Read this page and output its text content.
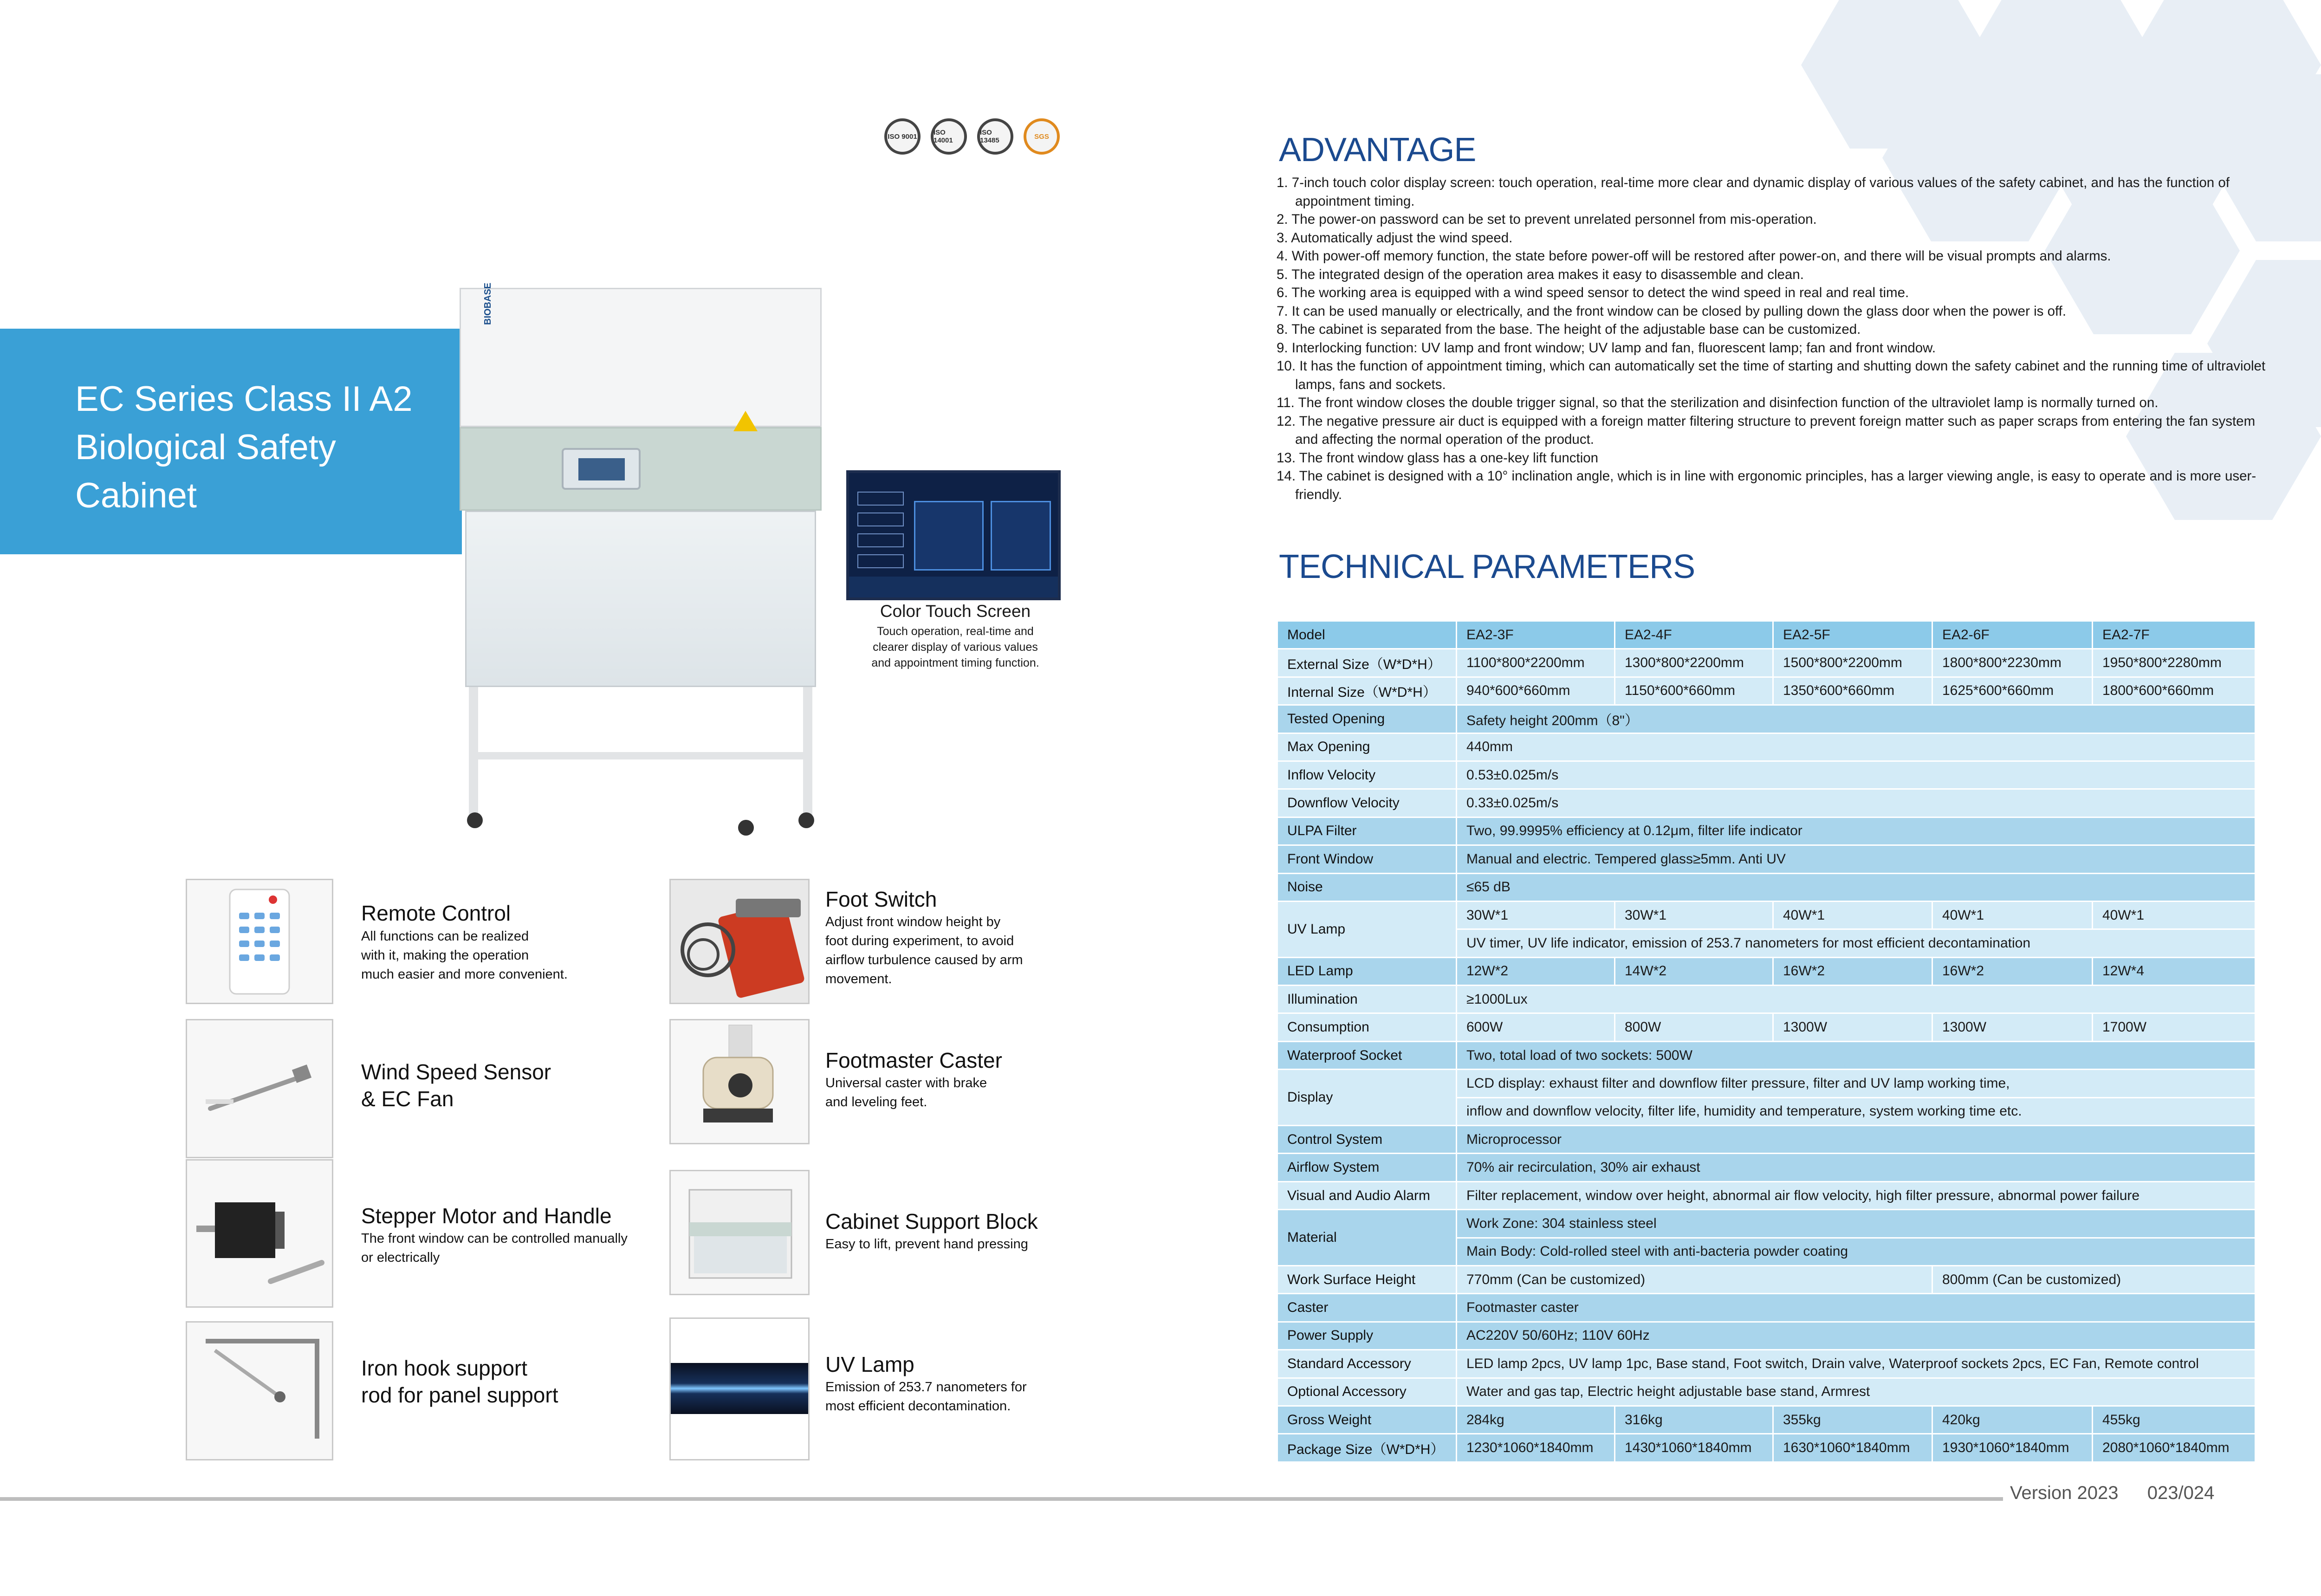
ISO 9001	ISO 14001
ISO 13485	SGS
EC Series Class II A2
Biological Safety
Cabinet
BIOBASE
Color Touch Screen
Touch operation, real-time and
clearer display of various values
and appointment timing function.
Remote Control
All functions can be realized
with it, making the operation
much easier and more convenient.
Foot Switch
Adjust front window height by
foot during experiment, to avoid
airflow turbulence caused by arm
movement.
Wind Speed Sensor
& EC Fan
Footmaster Caster
Universal caster with brake
and leveling feet.
Stepper Motor and Handle
The front window can be controlled manually
or electrically
Cabinet Support Block
Easy to lift, prevent hand pressing
Iron hook support
rod for panel support
UV Lamp
Emission of 253.7 nanometers for
most efficient decontamination.
ADVANTAGE
1. 7-inch touch color display screen: touch operation, real-time more clear and dynamic display of various values of the safety cabinet, and has the function of appointment timing.
2. The power-on password can be set to prevent unrelated personnel from mis-operation.
3. Automatically adjust the wind speed.
4. With power-off memory function, the state before power-off will be restored after power-on, and there will be visual prompts and alarms.
5. The integrated design of the operation area makes it easy to disassemble and clean.
6. The working area is equipped with a wind speed sensor to detect the wind speed in real and real time.
7. It can be used manually or electrically, and the front window can be closed by pulling down the glass door when the power is off.
8. The cabinet is separated from the base. The height of the adjustable base can be customized.
9. Interlocking function: UV lamp and front window; UV lamp and fan, fluorescent lamp; fan and front window.
10. It has the function of appointment timing, which can automatically set the time of starting and shutting down the safety cabinet and the running time of ultraviolet lamps, fans and sockets.
11. The front window closes the double trigger signal, so that the sterilization and disinfection function of the ultraviolet lamp is normally turned on.
12. The negative pressure air duct is equipped with a foreign matter filtering structure to prevent foreign matter such as paper scraps from entering the fan system and affecting the normal operation of the product.
13. The front window glass has a one-key lift function
14. The cabinet is designed with a 10° inclination angle, which is in line with ergonomic principles, has a larger viewing angle, is easy to operate and is more user-friendly.
TECHNICAL PARAMETERS
Model	EA2-3F	EA2-4F	EA2-5F	EA2-6F	EA2-7F
External Size（W*D*H）	1100*800*2200mm	1300*800*2200mm	1500*800*2200mm	1800*800*2230mm	1950*800*2280mm
Internal Size（W*D*H）	940*600*660mm	1150*600*660mm	1350*600*660mm	1625*600*660mm	1800*600*660mm
Tested Opening	Safety height 200mm（8"）				
Max Opening	440mm				
Inflow Velocity	0.53±0.025m/s				
Downflow Velocity	0.33±0.025m/s				
ULPA Filter	Two, 99.9995% efficiency at 0.12μm, filter life indicator				
Front Window	Manual and electric. Tempered glass≥5mm. Anti UV				
Noise	≤65 dB				
UV Lamp	30W*1	30W*1	40W*1	40W*1	40W*1
	UV timer, UV life indicator, emission of 253.7 nanometers for most efficient decontamination				
LED Lamp	12W*2	14W*2	16W*2	16W*2	12W*4
Illumination	≥1000Lux				
Consumption	600W	800W	1300W	1300W	1700W
Waterproof Socket	Two, total load of two sockets: 500W				
Display	LCD display: exhaust filter and downflow filter pressure, filter and UV lamp working time,				
	inflow and downflow velocity, filter life, humidity and temperature, system working time etc.				
Control System	Microprocessor				
Airflow System	70% air recirculation, 30% air exhaust				
Visual and Audio Alarm	Filter replacement, window over height, abnormal air flow velocity, high filter pressure, abnormal power failure				
Material	Work Zone: 304 stainless steel				
	Main Body: Cold-rolled steel with anti-bacteria powder coating				
Work Surface Height	770mm (Can be customized)			800mm (Can be customized)	
Caster	Footmaster caster				
Power Supply	AC220V 50/60Hz; 110V 60Hz				
Standard Accessory	LED lamp 2pcs, UV lamp 1pc, Base stand, Foot switch, Drain valve, Waterproof sockets 2pcs, EC Fan, Remote control				
Optional Accessory	Water and gas tap, Electric height adjustable base stand, Armrest				
Gross Weight	284kg	316kg	355kg	420kg	455kg
Package Size（W*D*H）	1230*1060*1840mm	1430*1060*1840mm	1630*1060*1840mm	1930*1060*1840mm	2080*1060*1840mm
Version 2023 023/024
